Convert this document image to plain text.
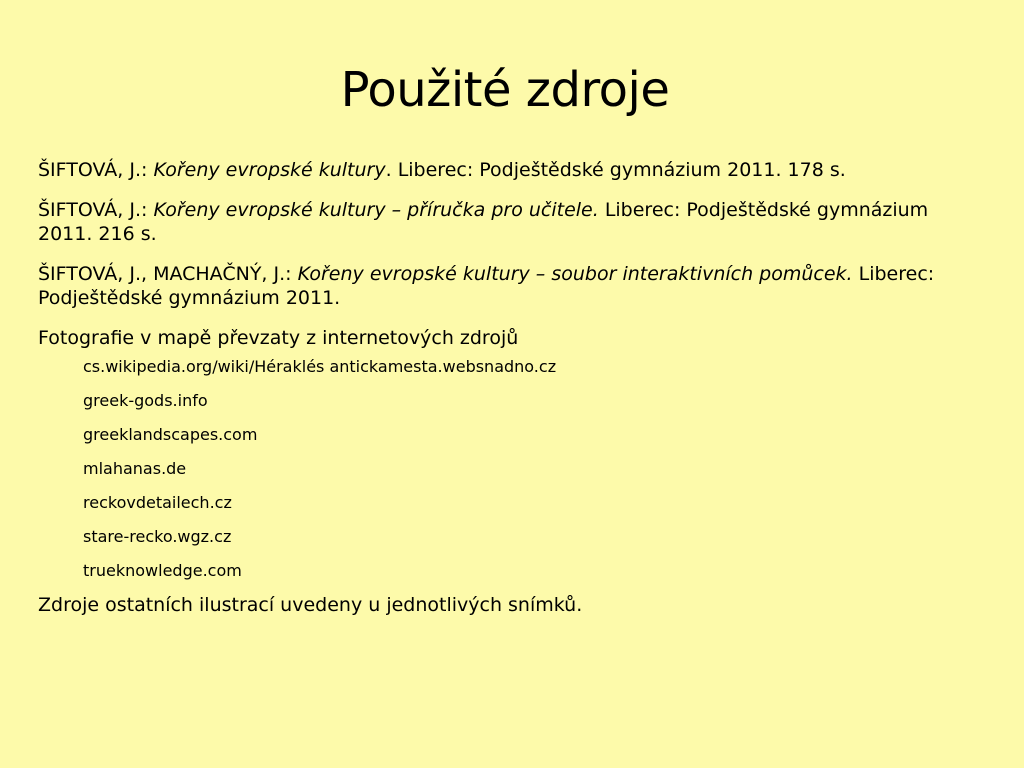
Použité zdroje

ŠIFTOVÁ, J.: Kořeny evropské kultury. Liberec: Podještědské gymnázium 2011. 178 s.

ŠIFTOVÁ, J.: Kořeny evropské kultury – příručka pro učitele. Liberec: Podještědské gymnázium 2011. 216 s.

ŠIFTOVÁ, J., MACHAČNÝ, J.: Kořeny evropské kultury – soubor interaktivních pomůcek. Liberec: Podještědské gymnázium 2011.

Fotografie v mapě převzaty z internetových zdrojů

cs.wikipedia.org/wiki/Héraklés antickamesta.websnadno.cz
greek-gods.info
greeklandscapes.com
mlahanas.de
reckovdetailech.cz
stare-recko.wgz.cz
trueknowledge.com

Zdroje ostatních ilustrací uvedeny u jednotlivých snímků.
